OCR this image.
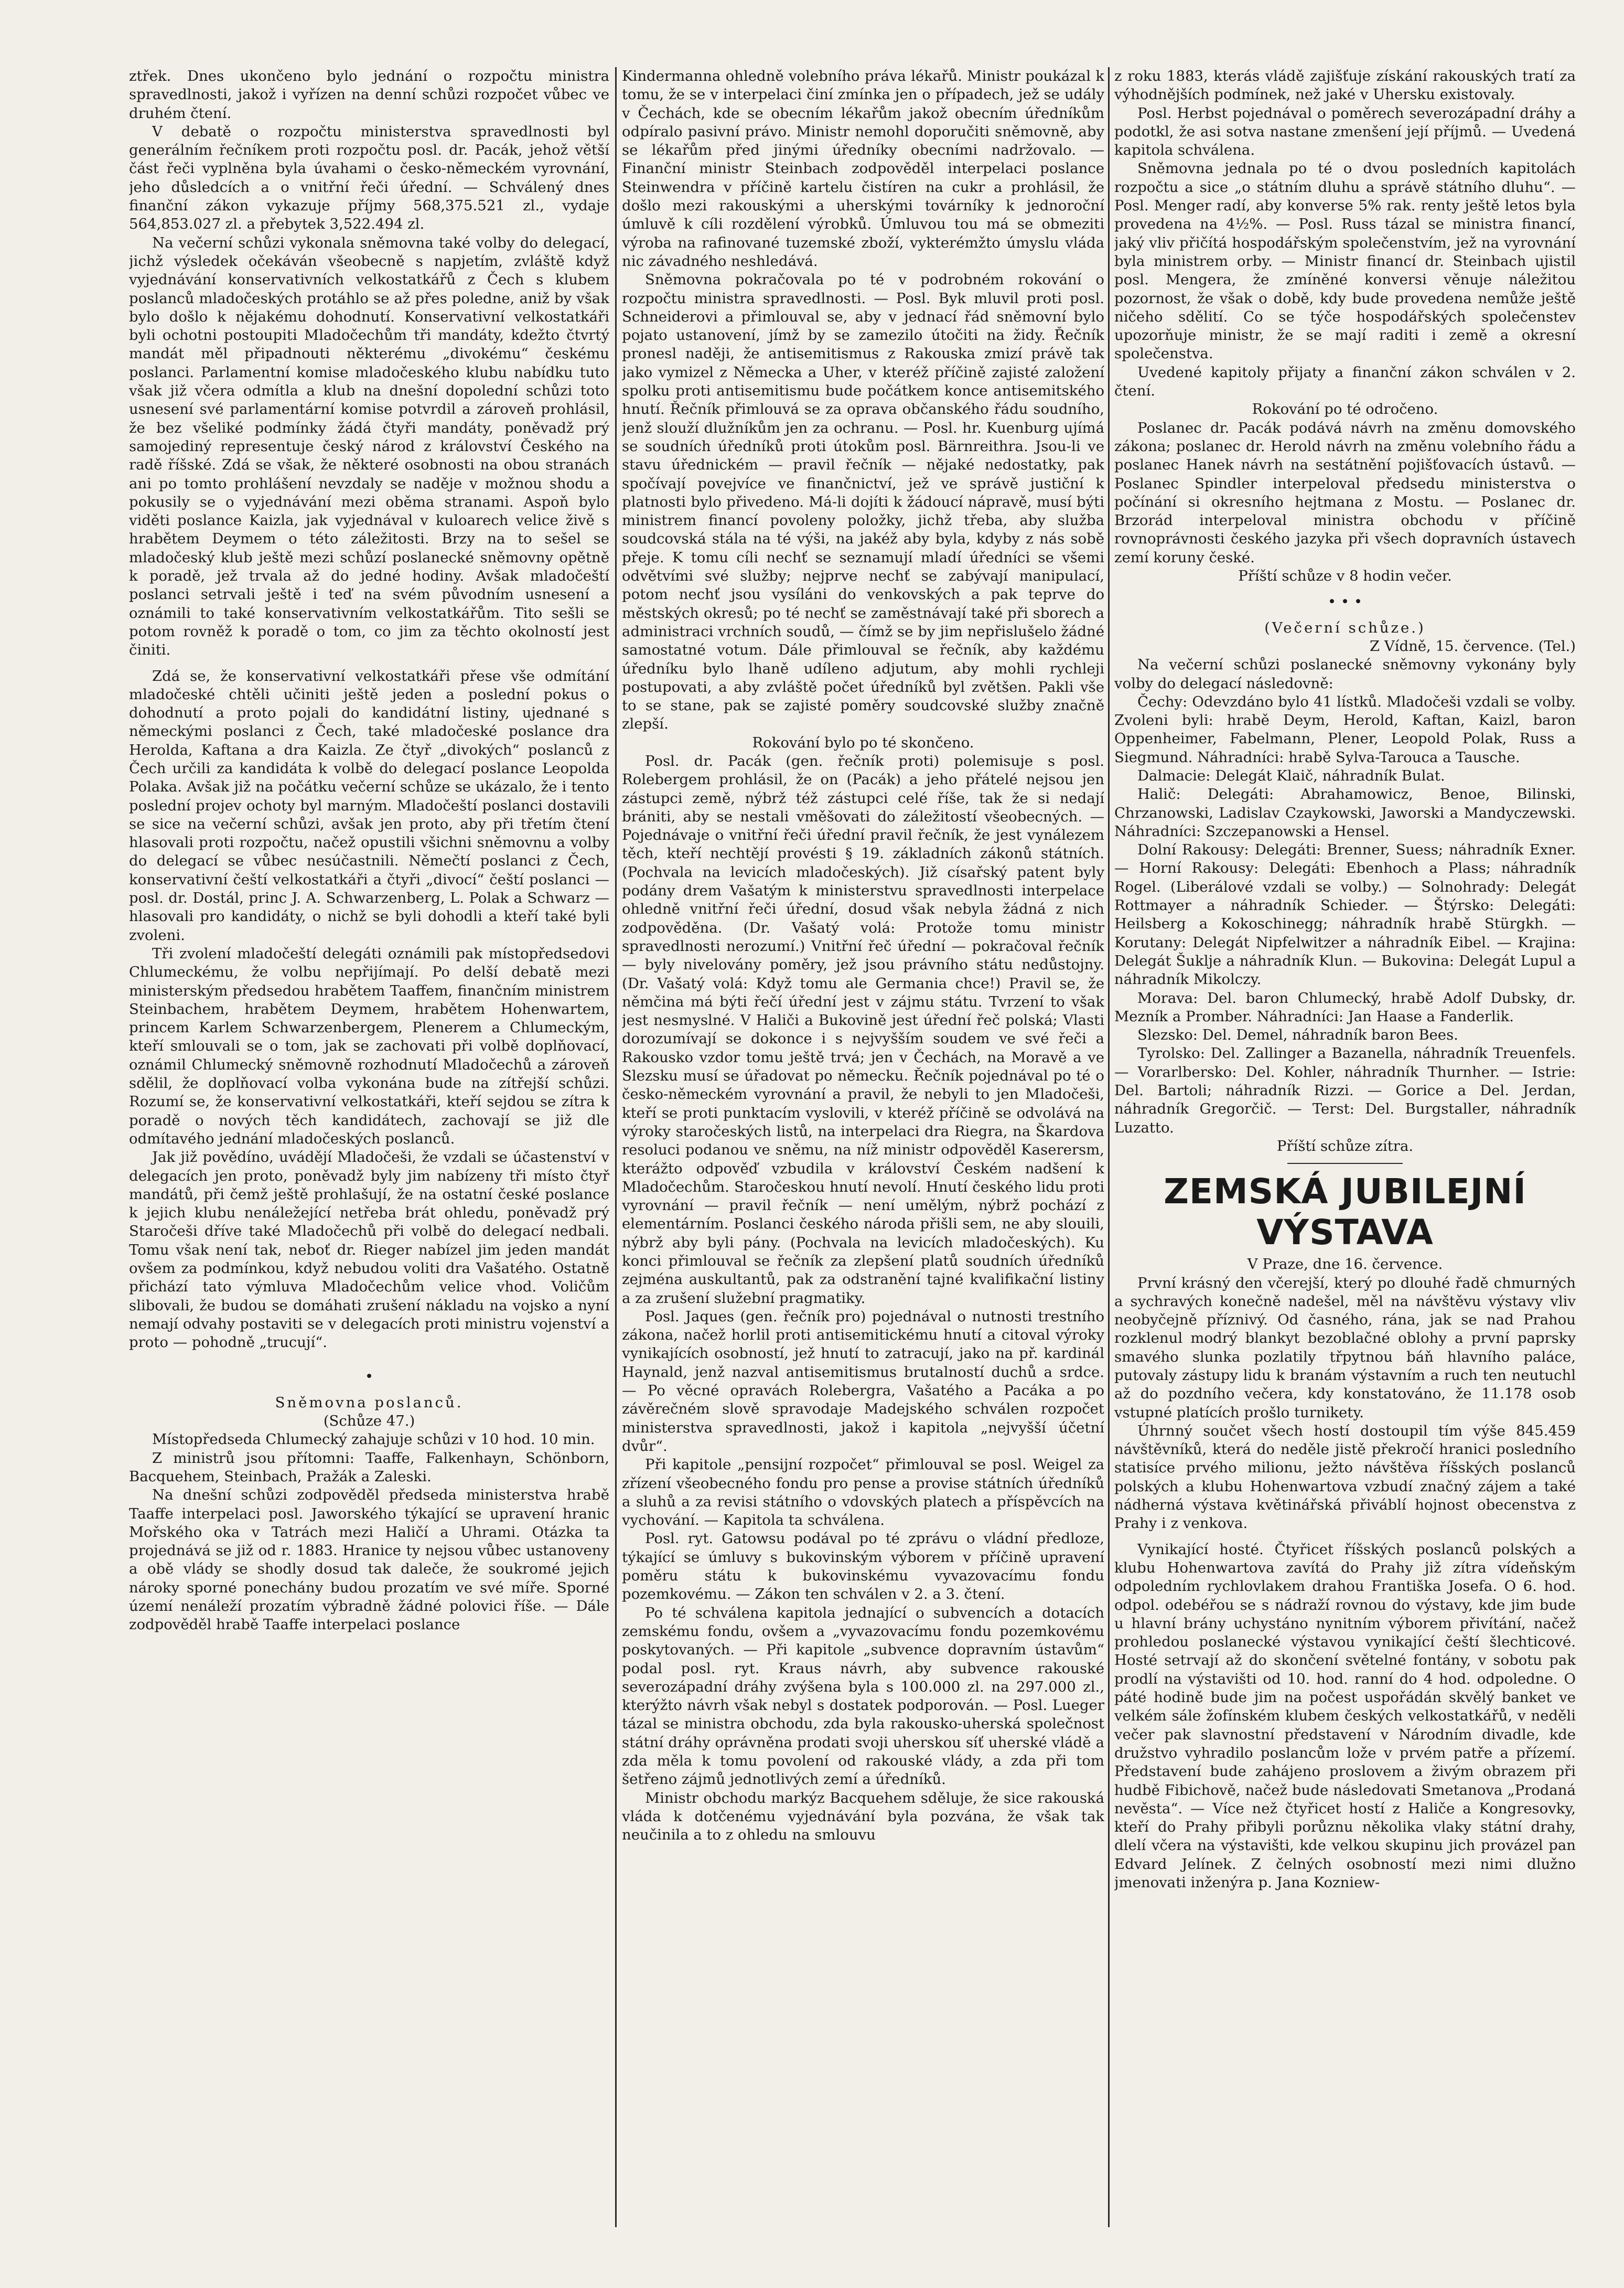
ztřek. Dnes ukončeno bylo jednání o rozpočtu ministra spravedlnosti, jakož i vyřízen na denní schůzi rozpočet vůbec ve druhém čtení.

V debatě o rozpočtu ministerstva spravedlnosti byl generálním řečníkem proti rozpočtu posl. dr. Pacák, jehož větší část řeči vyplněna byla úvahami o česko-německém vyrovnání, jeho důsledcích a o vnitřní řeči úřední. — Schválený dnes finanční zákon vykazuje příjmy 568,375.521 zl., vydaje 564,853.027 zl. a přebytek 3,522.494 zl.

Na večerní schůzi vykonala sněmovna také volby do delegací, jichž výsledek očekáván všeobecně s napjetím, zvláště když vyjednávání konservativních velkostatkářů z Čech s klubem poslanců mladočeských protáhlo se až přes poledne, aniž by však bylo došlo k nějakému dohodnutí. Konservativní velkostatkáři byli ochotni postoupiti Mladočechům tři mandáty, kdežto čtvrtý mandát měl připadnouti některému „divokému“ českému poslanci. Parlamentní komise mladočeského klubu nabídku tuto však již včera odmítla a klub na dnešní dopolední schůzi toto usnesení své parlamentární komise potvrdil a zároveň prohlásil, že bez všeliké podmínky žádá čtyři mandáty, poněvadž prý samojediný representuje český národ z království Českého na radě říšské. Zdá se však, že některé osobnosti na obou stranách ani po tomto prohlášení nevzdaly se naděje v možnou shodu a pokusily se o vyjednávání mezi oběma stranami. Aspoň bylo viděti poslance Kaizla, jak vyjednával v kuloarech velice živě s hrabětem Deymem o této záležitosti. Brzy na to sešel se mladočeský klub ještě mezi schůzí poslanecké sněmovny opětně k poradě, jež trvala až do jedné hodiny. Avšak mladočeští poslanci setrvali ještě i teď na svém původním usnesení a oznámili to také konservativním velkostatkářům. Tito sešli se potom rovněž k poradě o tom, co jim za těchto okolností jest činiti.

Zdá se, že konservativní velkostatkáři přese vše odmítání mladočeské chtěli učiniti ještě jeden a poslední pokus o dohodnutí a proto pojali do kandidátní listiny, ujednané s německými poslanci z Čech, také mladočeské poslance dra Herolda, Kaftana a dra Kaizla. Ze čtyř „divokých“ poslanců z Čech určili za kandidáta k volbě do delegací poslance Leopolda Polaka. Avšak již na počátku večerní schůze se ukázalo, že i tento poslední projev ochoty byl marným. Mladočeští poslanci dostavili se sice na večerní schůzi, avšak jen proto, aby při třetím čtení hlasovali proti rozpočtu, načež opustili všichni sněmovnu a volby do delegací se vůbec nesúčastnili. Němečtí poslanci z Čech, konservativní čeští velkostatkáři a čtyři „divocí“ čeští poslanci — posl. dr. Dostál, princ J. A. Schwarzenberg, L. Polak a Schwarz — hlasovali pro kandidáty, o nichž se byli dohodli a kteří také byli zvoleni.

Tři zvolení mladočeští delegáti oznámili pak místopředsedovi Chlumeckému, že volbu nepřijímají. Po delší debatě mezi ministerským předsedou hrabětem Taaffem, finančním ministrem Steinbachem, hrabětem Deymem, hrabětem Hohenwartem, princem Karlem Schwarzenbergem, Plenerem a Chlumeckým, kteří smlouvali se o tom, jak se zachovati při volbě doplňovací, oznámil Chlumecký sněmovně rozhodnutí Mladočechů a zároveň sdělil, že doplňovací volba vykonána bude na zítřejší schůzi. Rozumí se, že konservativní velkostatkáři, kteří sejdou se zítra k poradě o nových těch kandidátech, zachovají se již dle odmítavého jednání mladočeských poslanců.

Jak již povědíno, uvádějí Mladočeši, že vzdali se účastenství v delegacích jen proto, poněvadž byly jim nabízeny tři místo čtyř mandátů, při čemž ještě prohlašují, že na ostatní české poslance k jejich klubu nenáležející netřeba brát ohledu, poněvadž prý Staročeši dříve také Mladočechů při volbě do delegací nedbali. Tomu však není tak, neboť dr. Rieger nabízel jim jeden mandát ovšem za podmínkou, když nebudou voliti dra Vašatého. Ostatně přichází tato výmluva Mladočechům velice vhod. Voličům slibovali, že budou se domáhati zrušení nákladu na vojsko a nyní nemají odvahy postaviti se v delegacích proti ministru vojenství a proto — pohodně „trucují“.

•

Sněmovna poslanců.

(Schůze 47.)

Místopředseda Chlumecký zahajuje schůzi v 10 hod. 10 min.

Z ministrů jsou přítomni: Taaffe, Falkenhayn, Schönborn, Bacquehem, Steinbach, Pražák a Zaleski.

Na dnešní schůzi zodpověděl předseda ministerstva hrabě Taaffe interpelaci posl. Jaworského týkající se upravení hranic Mořského oka v Tatrách mezi Haličí a Uhrami. Otázka ta projednává se již od r. 1883. Hranice ty nejsou vůbec ustanoveny a obě vlády se shodly dosud tak daleče, že soukromé jejich nároky sporné ponechány budou prozatím ve své míře. Sporné území nenáleží prozatím výbradně žádné polovici říše. — Dále zodpověděl hrabě Taaffe interpelaci poslance

Kindermanna ohledně volebního práva lékařů. Ministr poukázal k tomu, že se v interpelaci činí zmínka jen o případech, jež se udály v Čechách, kde se obecním lékařům jakož obecním úředníkům odpíralo pasivní právo. Ministr nemohl doporučiti sněmovně, aby se lékařům před jinými úředníky obecními nadržovalo. — Finanční ministr Steinbach zodpověděl interpelaci poslance Steinwendra v příčině kartelu čistíren na cukr a prohlásil, že došlo mezi rakouskými a uherskými továrníky k jednoroční úmluvě k cíli rozdělení výrobků. Úmluvou tou má se obmeziti výroba na rafinované tuzemské zboží, vykterémžto úmyslu vláda nic závadného neshledává.

Sněmovna pokračovala po té v podrobném rokování o rozpočtu ministra spravedlnosti. — Posl. Byk mluvil proti posl. Schneiderovi a přimlouval se, aby v jednací řád sněmovní bylo pojato ustanovení, jímž by se zamezilo útočiti na židy. Řečník pronesl naději, že antisemitismus z Rakouska zmizí právě tak jako vymizel z Německa a Uher, v kteréž příčině zajisté založení spolku proti antisemitismu bude počátkem konce antisemitského hnutí. Řečník přimlouvá se za oprava občanského řádu soudního, jenž slouží dlužníkům jen za ochranu. — Posl. hr. Kuenburg ujímá se soudních úředníků proti útokům posl. Bärnreithra. Jsou-li ve stavu úřednickém — pravil řečník — nějaké nedostatky, pak spočívají povejvíce ve finančnictví, jež ve správě justiční k platnosti bylo přivedeno. Má-li dojíti k žádoucí nápravě, musí býti ministrem financí povoleny položky, jichž třeba, aby služba soudcovská stála na té výši, na jakéž aby byla, kdyby z nás sobě přeje. K tomu cíli nechť se seznamují mladí úředníci se všemi odvětvími své služby; nejprve nechť se zabývají manipulací, potom nechť jsou vysíláni do venkovských a pak teprve do městských okresů; po té nechť se zaměstnávají také při sborech a administraci vrchních soudů, — čímž se by jim nepřislušelo žádné samostatné votum. Dále přimlouval se řečník, aby každému úředníku bylo lhaně udíleno adjutum, aby mohli rychleji postupovati, a aby zvláště počet úředníků byl zvětšen. Pakli vše to se stane, pak se zajisté poměry soudcovské služby značně zlepší.

Rokování bylo po té skončeno.

Posl. dr. Pacák (gen. řečník proti) polemisuje s posl. Rolebergem prohlásil, že on (Pacák) a jeho přátelé nejsou jen zástupci země, nýbrž též zástupci celé říše, tak že si nedají brániti, aby se nestali vměšovati do záležitostí všeobecných. — Pojednávaje o vnitřní řeči úřední pravil řečník, že jest vynálezem těch, kteří nechtějí provésti § 19. základních zákonů státních. (Pochvala na levicích mladočeských). Již císařský patent byly podány drem Vašatým k ministerstvu spravedlnosti interpelace ohledně vnitřní řeči úřední, dosud však nebyla žádná z nich zodpověděna. (Dr. Vašatý volá: Protože tomu ministr spravedlnosti nerozumí.) Vnitřní řeč úřední — pokračoval řečník — byly nivelovány poměry, jež jsou právního státu nedůstojny. (Dr. Vašatý volá: Když tomu ale Germania chce!) Pravil se, že němčina má býti řečí úřední jest v zájmu státu. Tvrzení to však jest nesmyslné. V Haliči a Bukovině jest úřední řeč polská; Vlasti dorozumívají se dokonce i s nejvyšším soudem ve své řeči a Rakousko vzdor tomu ještě trvá; jen v Čechách, na Moravě a ve Slezsku musí se úřadovat po německu. Řečník pojednával po té o česko-německém vyrovnání a pravil, že nebyli to jen Mladočeši, kteří se proti punktacím vyslovili, v kteréž příčině se odvolává na výroky staročeských listů, na interpelaci dra Riegra, na Škardova resoluci podanou ve sněmu, na níž ministr odpověděl Kaserersm, kterážto odpověď vzbudila v království Českém nadšení k Mladočechům. Staročeskou hnutí nevolí. Hnutí českého lidu proti vyrovnání — pravil řečník — není umělým, nýbrž pochází z elementárním. Poslanci českého národa přišli sem, ne aby slouili, nýbrž aby byli pány. (Pochvala na levicích mladočeských). Ku konci přimlouval se řečník za zlepšení platů soudních úředníků zejména auskultantů, pak za odstranění tajné kvalifikační listiny a za zrušení služební pragmatiky.

Posl. Jaques (gen. řečník pro) pojednával o nutnosti trestního zákona, načež horlil proti antisemitickému hnutí a citoval výroky vynikajících osobností, jež hnutí to zatracují, jako na př. kardinál Haynald, jenž nazval antisemitismus brutalností duchů a srdce. — Po věcné opravách Rolebergra, Vašatého a Pacáka a po závěrečném slově spravodaje Madejského schválen rozpočet ministerstva spravedlnosti, jakož i kapitola „nejvyšší účetní dvůr“.

Při kapitole „pensijní rozpočet“ přimlouval se posl. Weigel za zřízení všeobecného fondu pro pense a provise státních úředníků a sluhů a za revisi státního o vdovských platech a příspěvcích na vychování. — Kapitola ta schválena.

Posl. ryt. Gatowsu podával po té zprávu o vládní předloze, týkající se úmluvy s bukovinským výborem v příčině upravení poměru státu k bukovinskému vyvazovacímu fondu pozemkovému. — Zákon ten schválen v 2. a 3. čtení.

Po té schválena kapitola jednající o subvencích a dotacích zemskému fondu, ovšem a „vyvazovacímu fondu pozemkovému poskytovaných. — Při kapitole „subvence dopravním ústavům“ podal posl. ryt. Kraus návrh, aby subvence rakouské severozápadní dráhy zvýšena byla s 100.000 zl. na 297.000 zl., kterýžto návrh však nebyl s dostatek podporován. — Posl. Lueger tázal se ministra obchodu, zda byla rakousko-uherská společnost státní dráhy oprávněna prodati svoji uherskou síť uherské vládě a zda měla k tomu povolení od rakouské vlády, a zda při tom šetřeno zájmů jednotlivých zemí a úředníků.

Ministr obchodu markýz Bacquehem sděluje, že sice rakouská vláda k dotčenému vyjednávání byla pozvána, že však tak neučinila a to z ohledu na smlouvu

z roku 1883, kterás vládě zajišťuje získání rakouských tratí za výhodnějších podmínek, než jaké v Uhersku existovaly.

Posl. Herbst pojednával o poměrech severozápadní dráhy a podotkl, že asi sotva nastane zmenšení její příjmů. — Uvedená kapitola schválena.

Sněmovna jednala po té o dvou posledních kapitolách rozpočtu a sice „o státním dluhu a správě státního dluhu“. — Posl. Menger radí, aby konverse 5% rak. renty ještě letos byla provedena na 4½%. — Posl. Russ tázal se ministra financí, jaký vliv přičítá hospodářským společenstvím, jež na vyrovnání byla ministrem orby. — Ministr financí dr. Steinbach ujistil posl. Mengera, že zmíněné konversi věnuje náležitou pozornost, že však o době, kdy bude provedena nemůže ještě ničeho sdělití. Co se týče hospodářských společenstev upozorňuje ministr, že se mají raditi i země a okresní společenstva.

Uvedené kapitoly přijaty a finanční zákon schválen v 2. čtení.

Rokování po té odročeno.

Poslanec dr. Pacák podává návrh na změnu domovského zákona; poslanec dr. Herold návrh na změnu volebního řádu a poslanec Hanek návrh na sestátnění pojišťovacích ústavů. — Poslanec Spindler interpeloval předsedu ministerstva o počínání si okresního hejtmana z Mostu. — Poslanec dr. Brzorád interpeloval ministra obchodu v příčině rovnoprávnosti českého jazyka při všech dopravních ústavech zemí koruny české.

Příští schůze v 8 hodin večer.

• • •

(Večerní schůze.)

Z Vídně, 15. července. (Tel.)

Na večerní schůzi poslanecké sněmovny vykonány byly volby do delegací následovně:

Čechy: Odevzdáno bylo 41 lístků. Mladočeši vzdali se volby. Zvoleni byli: hrabě Deym, Herold, Kaftan, Kaizl, baron Oppenheimer, Fabelmann, Plener, Leopold Polak, Russ a Siegmund. Náhradníci: hrabě Sylva-Tarouca a Tausche.

Dalmacie: Delegát Klaič, náhradník Bulat.

Halič: Delegáti: Abrahamowicz, Benoe, Bilinski, Chrzanowski, Ladislav Czaykowski, Jaworski a Mandyczewski. Náhradníci: Szczepanowski a Hensel.

Dolní Rakousy: Delegáti: Brenner, Suess; náhradník Exner. — Horní Rakousy: Delegáti: Ebenhoch a Plass; náhradník Rogel. (Liberálové vzdali se volby.) — Solnohrady: Delegát Rottmayer a náhradník Schieder. — Štýrsko: Delegáti: Heilsberg a Kokoschinegg; náhradník hrabě Stürgkh. — Korutany: Delegát Nipfelwitzer a náhradník Eibel. — Krajina: Delegát Šuklje a náhradník Klun. — Bukovina: Delegát Lupul a náhradník Mikolczy.

Morava: Del. baron Chlumecký, hrabě Adolf Dubsky, dr. Mezník a Promber. Náhradníci: Jan Haase a Fanderlik.

Slezsko: Del. Demel, náhradník baron Bees.

Tyrolsko: Del. Zallinger a Bazanella, náhradník Treuenfels. — Vorarlbersko: Del. Kohler, náhradník Thurnher. — Istrie: Del. Bartoli; náhradník Rizzi. — Gorice a Del. Jerdan, náhradník Gregorčič. — Terst: Del. Burgstaller, náhradník Luzatto.

Příští schůze zítra.

ZEMSKÁ JUBILEJNÍ VÝSTAVA

V Praze, dne 16. července.

První krásný den včerejší, který po dlouhé řadě chmurných a sychravých konečně nadešel, měl na návštěvu výstavy vliv neobyčejně příznivý. Od časného, rána, jak se nad Prahou rozklenul modrý blankyt bezoblačné oblohy a první paprsky smavého slunka pozlatily třpytnou báň hlavního paláce, putovaly zástupy lidu k branám výstavním a ruch ten neutuchl až do pozdního večera, kdy konstatováno, že 11.178 osob vstupné platících prošlo turnikety.

Úhrnný součet všech hostí dostoupil tím výše 845.459 návštěvníků, která do neděle jistě překročí hranici posledního statisíce prvého milionu, ježto návštěva říšských poslanců polských a klubu Hohenwartova vzbudí značný zájem a také nádherná výstava květinářská přiváblí hojnost obecenstva z Prahy i z venkova.

Vynikající hosté. Čtyřicet říšských poslanců polských a klubu Hohenwartova zavítá do Prahy již zítra vídeňským odpoledním rychlovlakem drahou Františka Josefa. O 6. hod. odpol. odebéřou se s nádraží rovnou do výstavy, kde jim bude u hlavní brány uchystáno nynitním výborem přivítání, načež prohledou poslanecké výstavou vynikající čeští šlechticové. Hosté setrvají až do skončení světelné fontány, v sobotu pak prodlí na výstavišti od 10. hod. ranní do 4 hod. odpoledne. O páté hodině bude jim na počest uspořádán skvělý banket ve velkém sále žofínském klubem českých velkostatkářů, v neděli večer pak slavnostní představení v Národním divadle, kde družstvo vyhradilo poslancům lože v prvém patře a přízemí. Představení bude zahájeno proslovem a živým obrazem při hudbě Fibichově, načež bude následovati Smetanova „Prodaná nevěsta“. — Více než čtyřicet hostí z Haliče a Kongresovky, kteří do Prahy přibyli porůznu několika vlaky státní drahy, dlelí včera na výstavišti, kde velkou skupinu jich provázel pan Edvard Jelínek. Z čelných osobností mezi nimi dlužno jmenovati inženýra p. Jana Kozniew-
